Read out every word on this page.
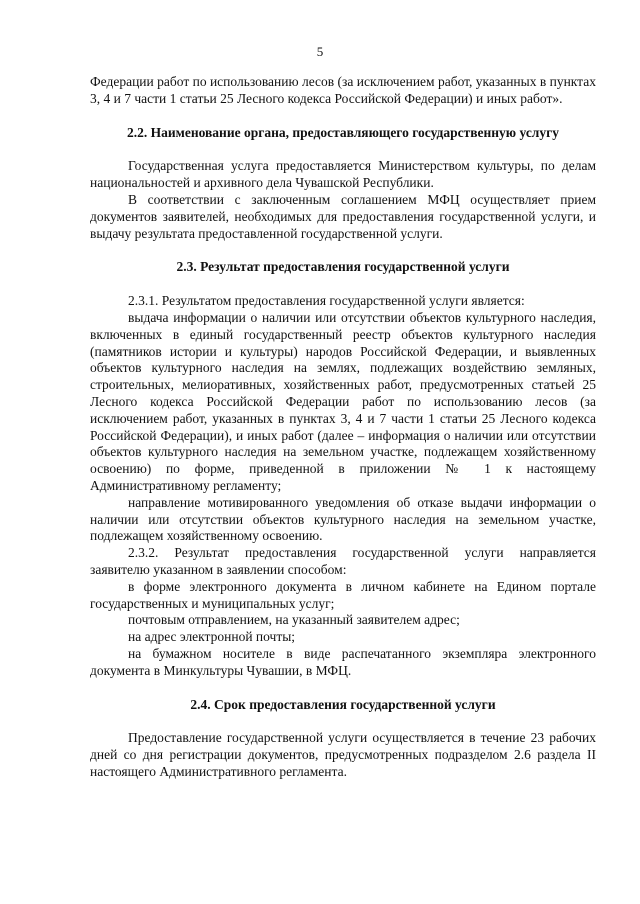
5

Федерации работ по использованию лесов (за исключением работ, указанных в пунктах 3, 4 и 7 части 1 статьи 25 Лесного кодекса Российской Федерации) и иных работ».

2.2. Наименование органа, предоставляющего государственную услугу

Государственная услуга предоставляется Министерством культуры, по делам национальностей и архивного дела Чувашской Республики.

В соответствии с заключенным соглашением МФЦ осуществляет прием документов заявителей, необходимых для предоставления государственной услуги, и выдачу результата предоставленной государственной услуги.

2.3. Результат предоставления государственной услуги

2.3.1. Результатом предоставления государственной услуги является:

выдача информации о наличии или отсутствии объектов культурного наследия, включенных в единый государственный реестр объектов культурного наследия (памятников истории и культуры) народов Российской Федерации, и выявленных объектов культурного наследия на землях, подлежащих воздействию земляных, строительных, мелиоративных, хозяйственных работ, предусмотренных статьей 25 Лесного кодекса Российской Федерации работ по использованию лесов (за исключением работ, указанных в пунктах 3, 4 и 7 части 1 статьи 25 Лесного кодекса Российской Федерации), и иных работ (далее – информация о наличии или отсутствии объектов культурного наследия на земельном участке, подлежащем хозяйственному освоению) по форме, приведенной в приложении № 1 к настоящему Административному регламенту;

направление мотивированного уведомления об отказе выдачи информации о наличии или отсутствии объектов культурного наследия на земельном участке, подлежащем хозяйственному освоению.

2.3.2. Результат предоставления государственной услуги направляется заявителю указанном в заявлении способом:

в форме электронного документа в личном кабинете на Едином портале государственных и муниципальных услуг;

почтовым отправлением, на указанный заявителем адрес;

на адрес электронной почты;

на бумажном носителе в виде распечатанного экземпляра электронного документа в Минкультуры Чувашии, в МФЦ.

2.4. Срок предоставления государственной услуги

Предоставление государственной услуги осуществляется в течение 23 рабочих дней со дня регистрации документов, предусмотренных подразделом 2.6 раздела II настоящего Административного регламента.
